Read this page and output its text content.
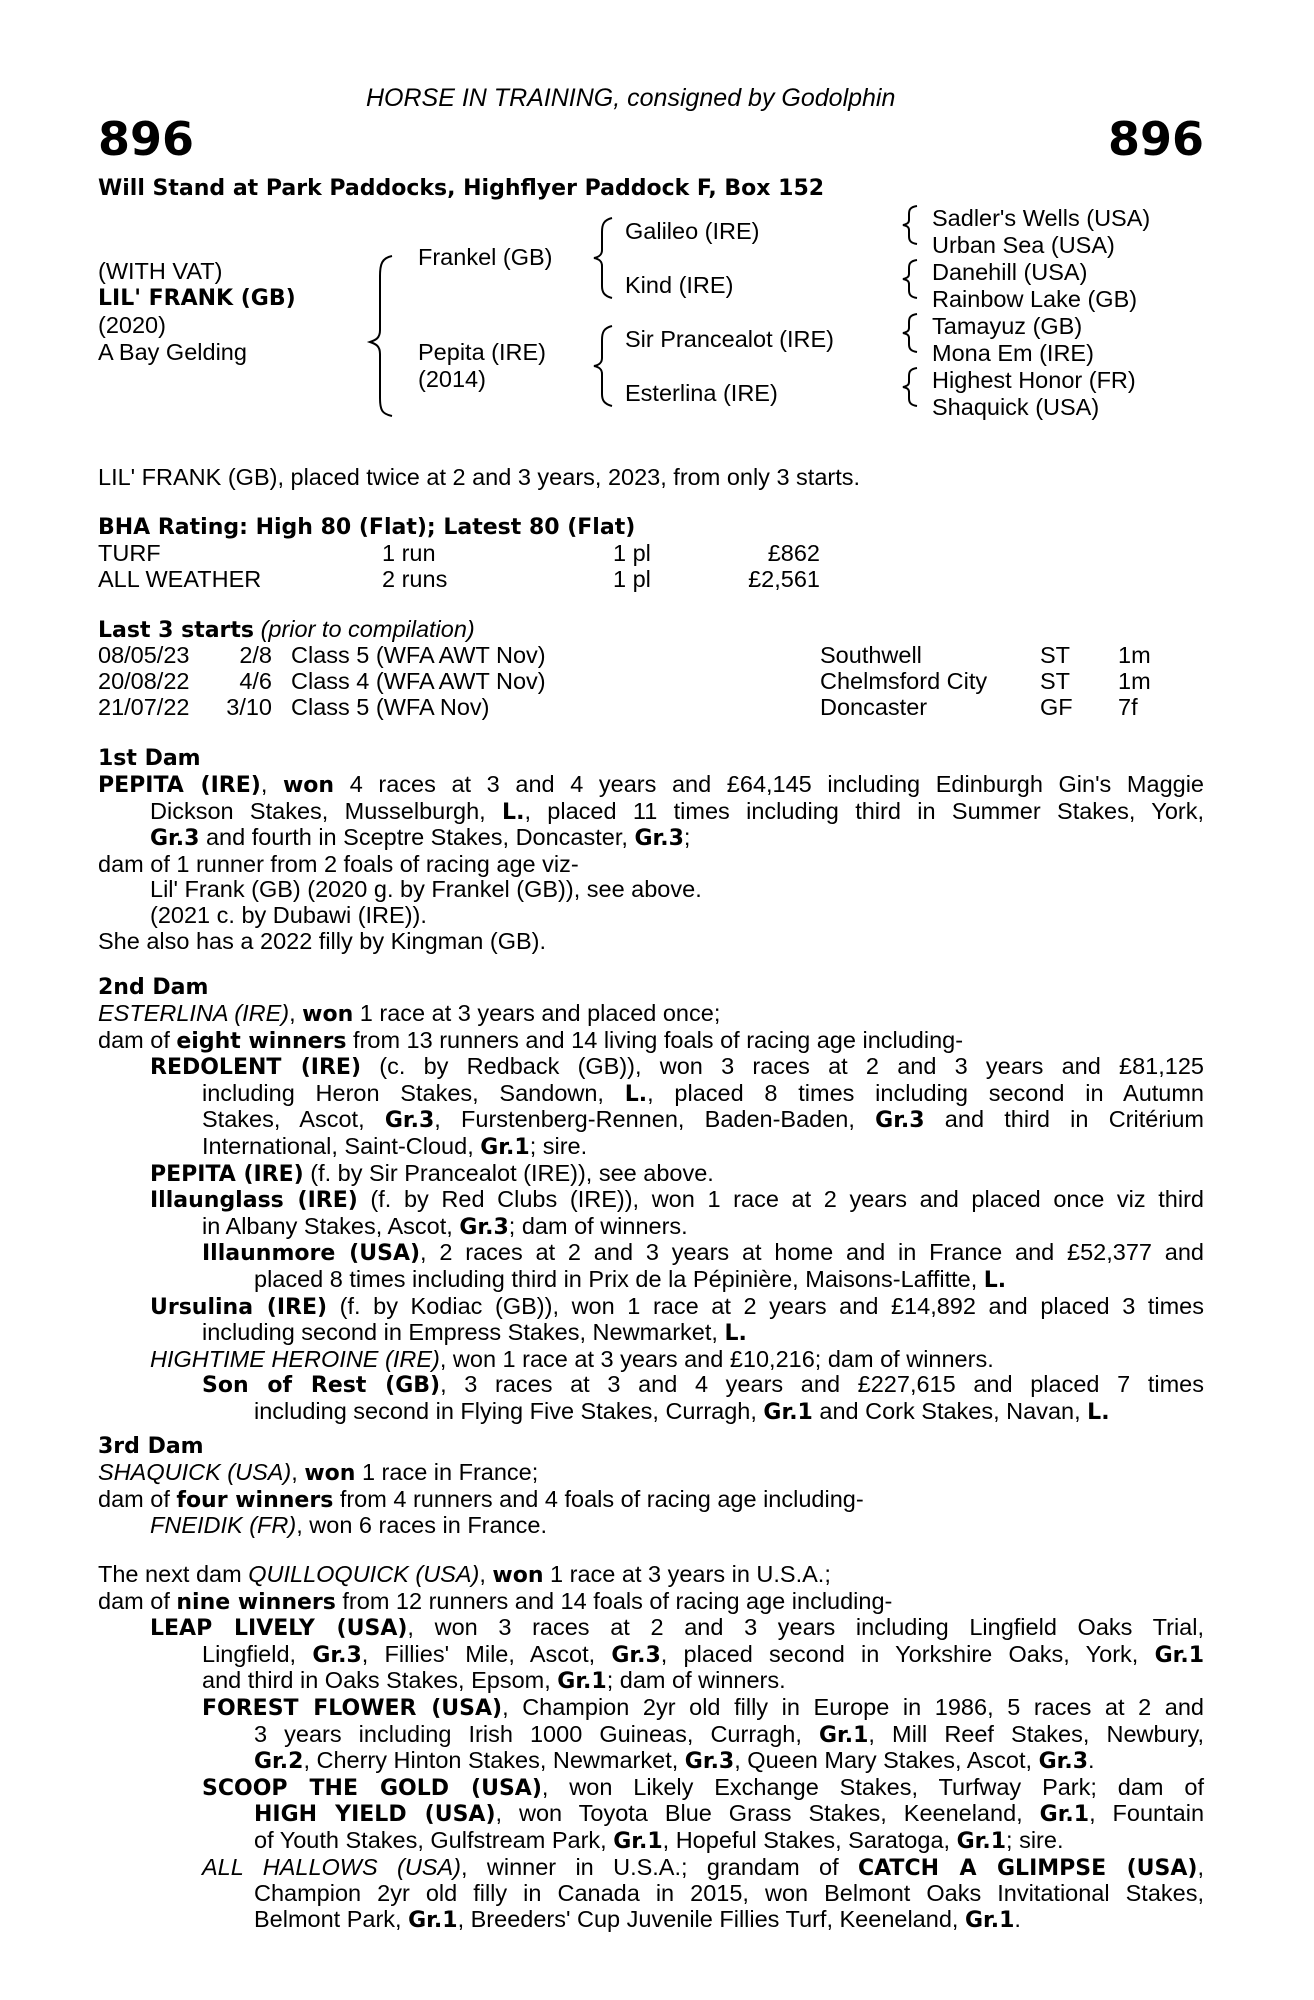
HORSE IN TRAINING, consigned by Godolphin
896	896
Will Stand at Park Paddocks, Highflyer Paddock F, Box 152
(WITH VAT)
LIL' FRANK (GB)
(2020)
A Bay Gelding
Frankel (GB)
Pepita (IRE)
(2014)
Galileo (IRE)
Kind (IRE)
Sir Prancealot (IRE)
Esterlina (IRE)
Sadler's Wells (USA)
Urban Sea (USA)
Danehill (USA)
Rainbow Lake (GB)
Tamayuz (GB)
Mona Em (IRE)
Highest Honor (FR)
Shaquick (USA)
LIL' FRANK (GB), placed twice at 2 and 3 years, 2023, from only 3 starts.
BHA Rating: High 80 (Flat); Latest 80 (Flat)
TURF	1 run	1 pl	£862
ALL WEATHER	2 runs	1 pl	£2,561
Last 3 starts (prior to compilation)
08/05/23 2/8 Class 5 (WFA AWT Nov)	Southwell	ST 1m
20/08/22 4/6 Class 4 (WFA AWT Nov)	Chelmsford City ST 1m
21/07/22 3/10 Class 5 (WFA Nov)	Doncaster	GF 7f
1st Dam
PEPITA (IRE), won 4 races at 3 and 4 years and £64,145 including Edinburgh Gin's Maggie
Dickson Stakes, Musselburgh, L., placed 11 times including third in Summer Stakes, York,
Gr.3 and fourth in Sceptre Stakes, Doncaster, Gr.3;
dam of 1 runner from 2 foals of racing age viz-
Lil' Frank (GB) (2020 g. by Frankel (GB)), see above.
(2021 c. by Dubawi (IRE)).
She also has a 2022 filly by Kingman (GB).
2nd Dam
ESTERLINA (IRE), won 1 race at 3 years and placed once;
dam of eight winners from 13 runners and 14 living foals of racing age including-
REDOLENT (IRE) (c. by Redback (GB)), won 3 races at 2 and 3 years and £81,125
including Heron Stakes, Sandown, L., placed 8 times including second in Autumn
Stakes, Ascot, Gr.3, Furstenberg-Rennen, Baden-Baden, Gr.3 and third in Critérium
International, Saint-Cloud, Gr.1; sire.
PEPITA (IRE) (f. by Sir Prancealot (IRE)), see above.
Illaunglass (IRE) (f. by Red Clubs (IRE)), won 1 race at 2 years and placed once viz third
in Albany Stakes, Ascot, Gr.3; dam of winners.
Illaunmore (USA), 2 races at 2 and 3 years at home and in France and £52,377 and
placed 8 times including third in Prix de la Pépinière, Maisons-Laffitte, L.
Ursulina (IRE) (f. by Kodiac (GB)), won 1 race at 2 years and £14,892 and placed 3 times
including second in Empress Stakes, Newmarket, L.
HIGHTIME HEROINE (IRE), won 1 race at 3 years and £10,216; dam of winners.
Son of Rest (GB), 3 races at 3 and 4 years and £227,615 and placed 7 times
including second in Flying Five Stakes, Curragh, Gr.1 and Cork Stakes, Navan, L.
3rd Dam
SHAQUICK (USA), won 1 race in France;
dam of four winners from 4 runners and 4 foals of racing age including-
FNEIDIK (FR), won 6 races in France.
The next dam QUILLOQUICK (USA), won 1 race at 3 years in U.S.A.;
dam of nine winners from 12 runners and 14 foals of racing age including-
LEAP LIVELY (USA), won 3 races at 2 and 3 years including Lingfield Oaks Trial,
Lingfield, Gr.3, Fillies' Mile, Ascot, Gr.3, placed second in Yorkshire Oaks, York, Gr.1
and third in Oaks Stakes, Epsom, Gr.1; dam of winners.
FOREST FLOWER (USA), Champion 2yr old filly in Europe in 1986, 5 races at 2 and
3 years including Irish 1000 Guineas, Curragh, Gr.1, Mill Reef Stakes, Newbury,
Gr.2, Cherry Hinton Stakes, Newmarket, Gr.3, Queen Mary Stakes, Ascot, Gr.3.
SCOOP THE GOLD (USA), won Likely Exchange Stakes, Turfway Park; dam of
HIGH YIELD (USA), won Toyota Blue Grass Stakes, Keeneland, Gr.1, Fountain
of Youth Stakes, Gulfstream Park, Gr.1, Hopeful Stakes, Saratoga, Gr.1; sire.
ALL HALLOWS (USA), winner in U.S.A.; grandam of CATCH A GLIMPSE (USA),
Champion 2yr old filly in Canada in 2015, won Belmont Oaks Invitational Stakes,
Belmont Park, Gr.1, Breeders' Cup Juvenile Fillies Turf, Keeneland, Gr.1.
